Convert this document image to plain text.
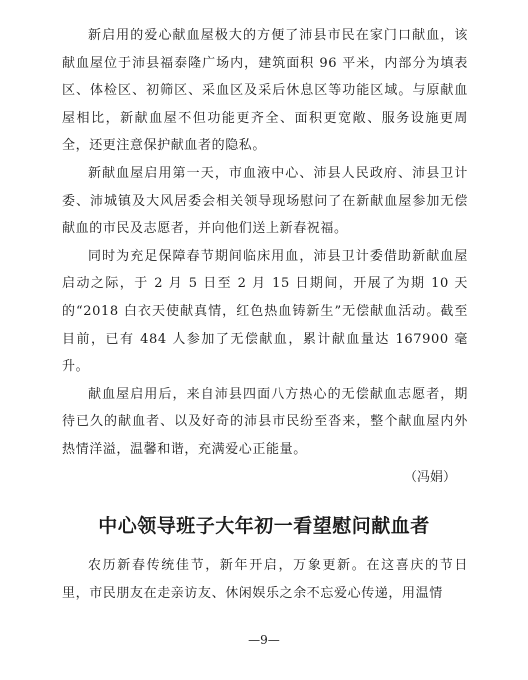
新启用的爱心献血屋极大的方便了沛县市民在家门口献血，该献血屋位于沛县福泰隆广场内，建筑面积 96 平米，内部分为填表区、体检区、初筛区、采血区及采后休息区等功能区域。与原献血屋相比，新献血屋不但功能更齐全、面积更宽敞、服务设施更周全，还更注意保护献血者的隐私。

新献血屋启用第一天，市血液中心、沛县人民政府、沛县卫计委、沛城镇及大风居委会相关领导现场慰问了在新献血屋参加无偿献血的市民及志愿者，并向他们送上新春祝福。

同时为充足保障春节期间临床用血，沛县卫计委借助新献血屋启动之际，于 2 月 5 日至 2 月 15 日期间，开展了为期 10 天的“2018 白衣天使献真情，红色热血铸新生”无偿献血活动。截至目前，已有 484 人参加了无偿献血，累计献血量达 167900 毫升。

献血屋启用后，来自沛县四面八方热心的无偿献血志愿者，期待已久的献血者、以及好奇的沛县市民纷至沓来，整个献血屋内外热情洋溢，温馨和谐，充满爱心正能量。

（冯娟）

中心领导班子大年初一看望慰问献血者

农历新春传统佳节，新年开启，万象更新。在这喜庆的节日里，市民朋友在走亲访友、休闲娱乐之余不忘爱心传递，用温情

—9—
